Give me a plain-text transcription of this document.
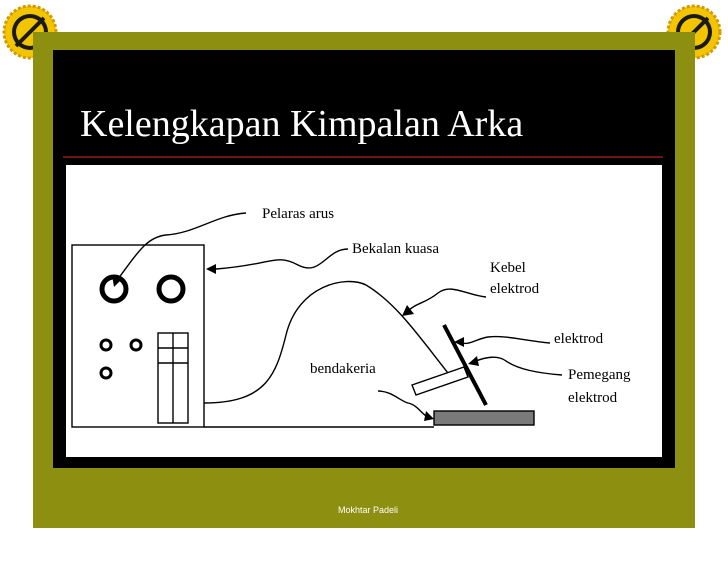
Kelengkapan Kimpalan Arka
Pelaras arus
Bekalan kuasa
Kebel
elektrod
elektrod
Pemegang
elektrod
bendakeria
Mokhtar Padeli
